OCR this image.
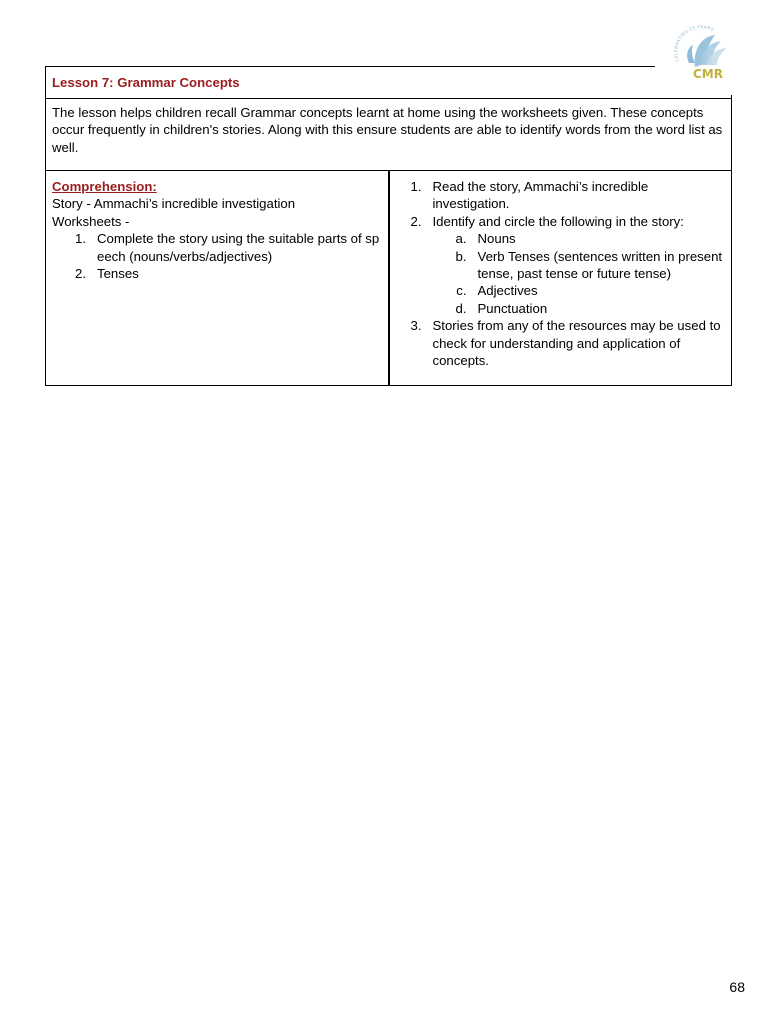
CELEBRATING 25 YEARS
CMR
Lesson 7: Grammar Concepts
The lesson helps children recall Grammar concepts learnt at home using the worksheets given. These concepts occur frequently in children's stories. Along with this ensure students are able to identify words from the word list as well.

Comprehension:
Story - Ammachi’s incredible investigation
Worksheets -
1. Complete the story using the suitable parts of speech (nouns/verbs/adjectives)
2. Tenses

1. Read the story, Ammachi’s incredible investigation.
2. Identify and circle the following in the story:
a. Nouns
b. Verb Tenses (sentences written in present tense, past tense or future tense)
c. Adjectives
d. Punctuation
3. Stories from any of the resources may be used to check for understanding and application of concepts.
68
